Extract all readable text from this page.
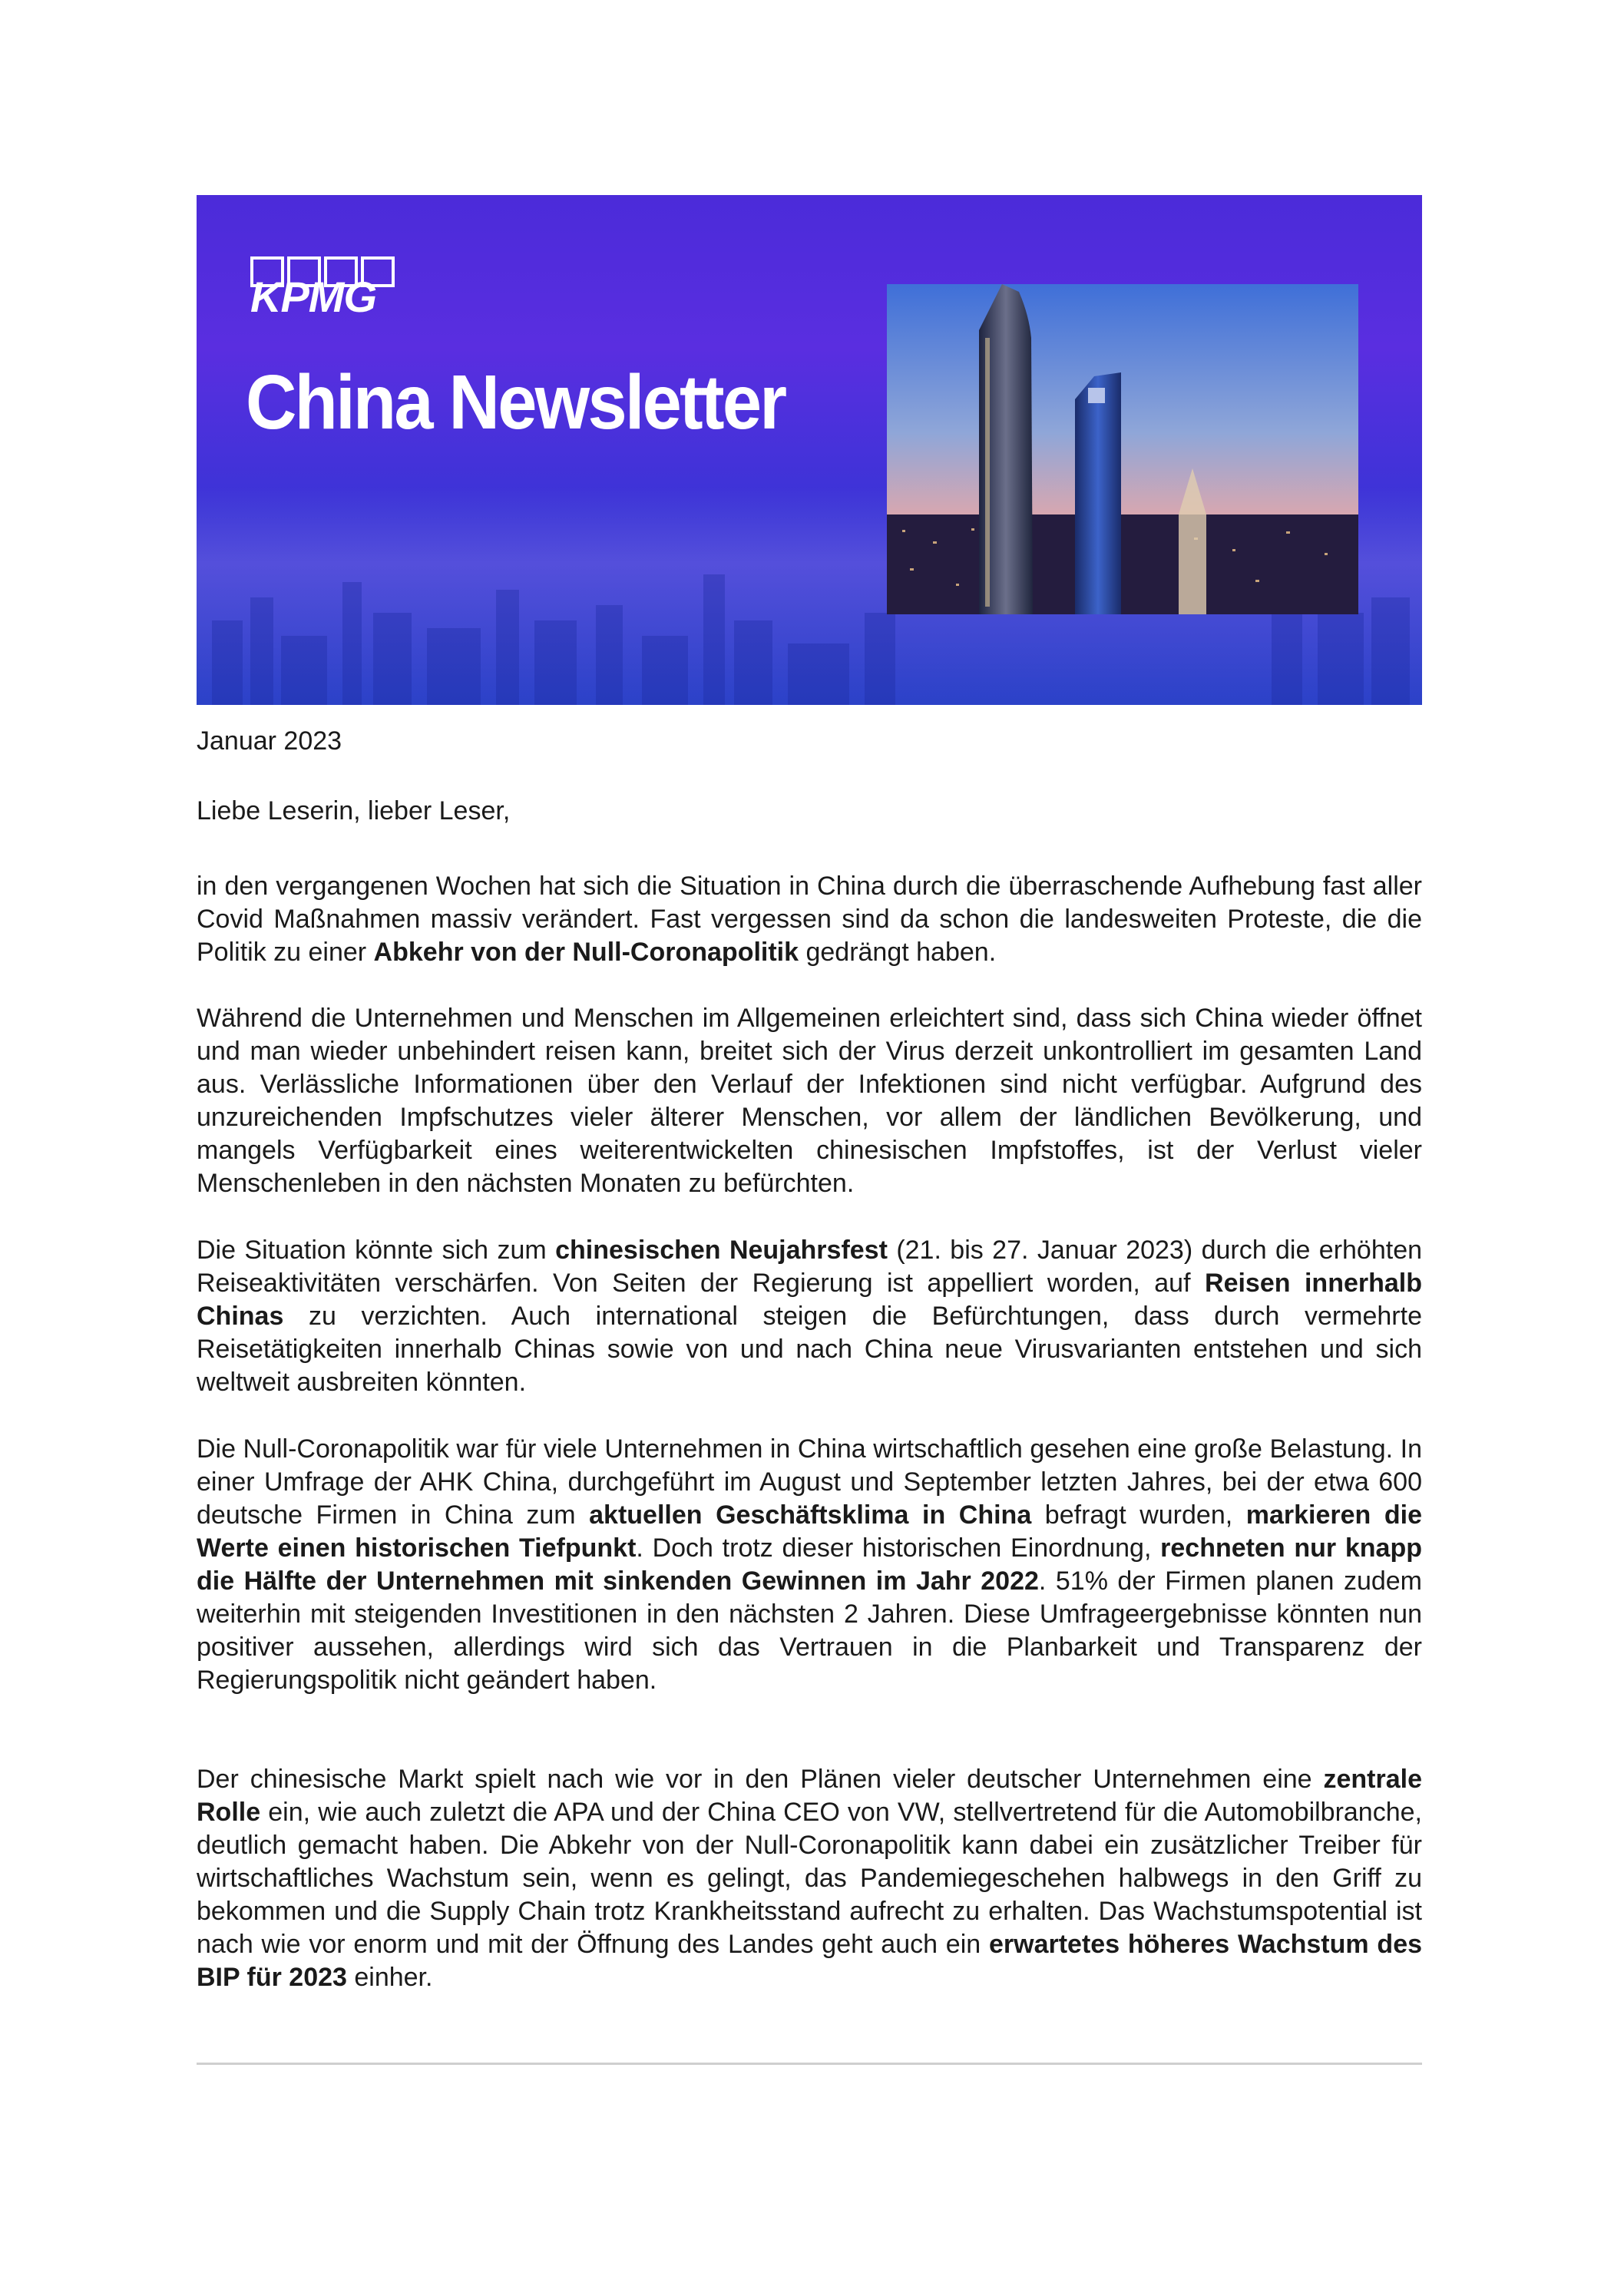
KPMG
China Newsletter
Januar 2023
Liebe Leserin, lieber Leser,
in den vergangenen Wochen hat sich die Situation in China durch die überraschende Aufhebung fast aller Covid Maßnahmen massiv verändert. Fast vergessen sind da schon die landesweiten Proteste, die die Politik zu einer Abkehr von der Null-Coronapolitik gedrängt haben.
Während die Unternehmen und Menschen im Allgemeinen erleichtert sind, dass sich China wieder öffnet und man wieder unbehindert reisen kann, breitet sich der Virus derzeit unkontrolliert im gesamten Land aus. Verlässliche Informationen über den Verlauf der Infektionen sind nicht verfügbar. Aufgrund des unzureichenden Impfschutzes vieler älterer Menschen, vor allem der ländlichen Bevölkerung, und mangels Verfügbarkeit eines weiterentwickelten chinesischen Impfstoffes, ist der Verlust vieler Menschenleben in den nächsten Monaten zu befürchten.
Die Situation könnte sich zum chinesischen Neujahrsfest (21. bis 27. Januar 2023) durch die erhöhten Reiseaktivitäten verschärfen. Von Seiten der Regierung ist appelliert worden, auf Reisen innerhalb Chinas zu verzichten. Auch international steigen die Befürchtungen, dass durch vermehrte Reisetätigkeiten innerhalb Chinas sowie von und nach China neue Virusvarianten entstehen und sich weltweit ausbreiten könnten.
Die Null-Coronapolitik war für viele Unternehmen in China wirtschaftlich gesehen eine große Belastung. In einer Umfrage der AHK China, durchgeführt im August und September letzten Jahres, bei der etwa 600 deutsche Firmen in China zum aktuellen Geschäftsklima in China befragt wurden, markieren die Werte einen historischen Tiefpunkt. Doch trotz dieser historischen Einordnung, rechneten nur knapp die Hälfte der Unternehmen mit sinkenden Gewinnen im Jahr 2022. 51% der Firmen planen zudem weiterhin mit steigenden Investitionen in den nächsten 2 Jahren. Diese Umfrageergebnisse könnten nun positiver aussehen, allerdings wird sich das Vertrauen in die Planbarkeit und Transparenz der Regierungspolitik nicht geändert haben.
Der chinesische Markt spielt nach wie vor in den Plänen vieler deutscher Unternehmen eine zentrale Rolle ein, wie auch zuletzt die APA und der China CEO von VW, stellvertretend für die Automobilbranche, deutlich gemacht haben. Die Abkehr von der Null-Coronapolitik kann dabei ein zusätzlicher Treiber für wirtschaftliches Wachstum sein, wenn es gelingt, das Pandemiegeschehen halbwegs in den Griff zu bekommen und die Supply Chain trotz Krankheitsstand aufrecht zu erhalten. Das Wachstumspotential ist nach wie vor enorm und mit der Öffnung des Landes geht auch ein erwartetes höheres Wachstum des BIP für 2023 einher.
